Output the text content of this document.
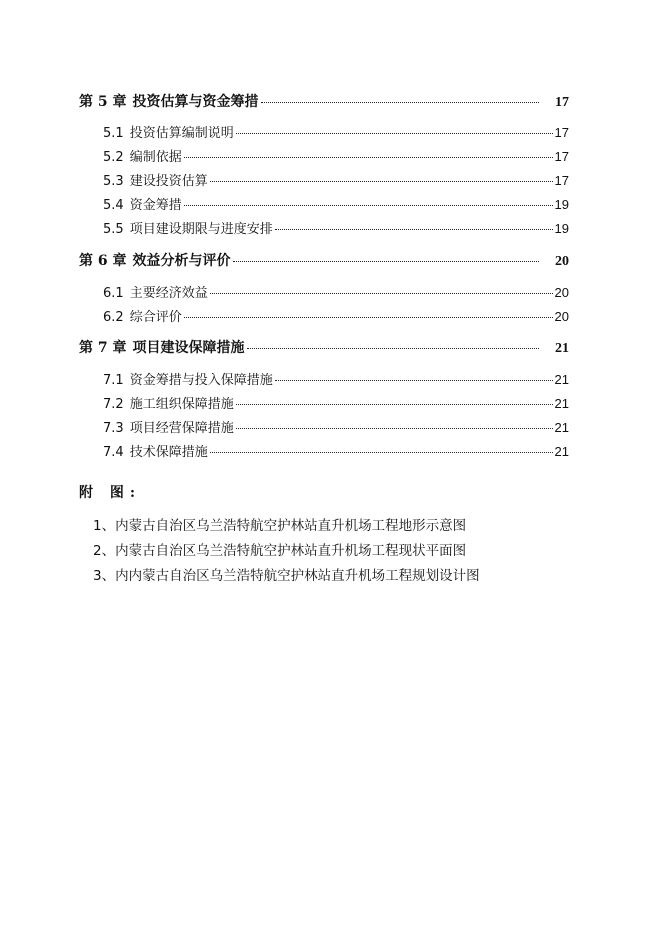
第 5 章 投资估算与资金筹措	17
5.1 投资估算编制说明	17
5.2 编制依据	17
5.3 建设投资估算	17
5.4 资金筹措	19
5.5 项目建设期限与进度安排	19
第 6 章 效益分析与评价	20
6.1 主要经济效益	20
6.2 综合评价	20
第 7 章 项目建设保障措施	21
7.1 资金筹措与投入保障措施	21
7.2 施工组织保障措施	21
7.3 项目经营保障措施	21
7.4 技术保障措施	21
附 图:
1、内蒙古自治区乌兰浩特航空护林站直升机场工程地形示意图
2、内蒙古自治区乌兰浩特航空护林站直升机场工程现状平面图
3、内内蒙古自治区乌兰浩特航空护林站直升机场工程规划设计图
